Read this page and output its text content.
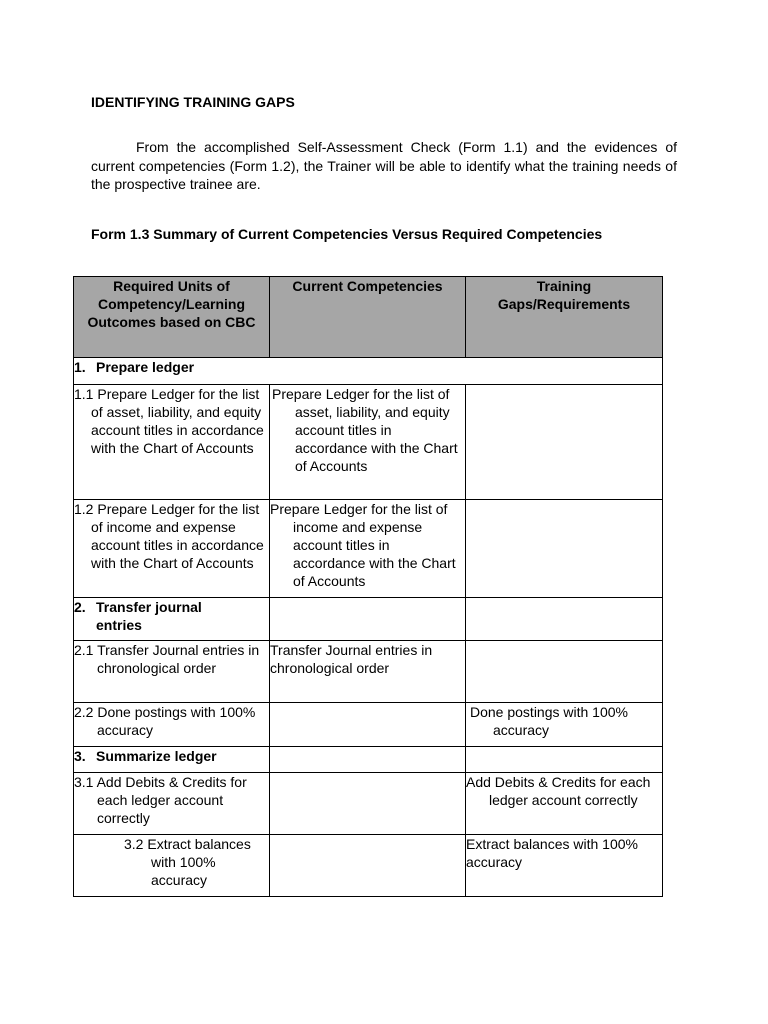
IDENTIFYING TRAINING GAPS

From the accomplished Self-Assessment Check (Form 1.1) and the evidences of current competencies (Form 1.2), the Trainer will be able to identify what the training needs of the prospective trainee are.

Form 1.3 Summary of Current Competencies Versus Required Competencies
Required Units of Competency/Learning Outcomes based on CBC	Current Competencies	Training Gaps/Requirements

1. Prepare ledger		

1.1 Prepare Ledger for the list of asset, liability, and equity account titles in accordance with the Chart of Accounts	Prepare Ledger for the list of asset, liability, and equity account titles in accordance with the Chart of Accounts	

1.2 Prepare Ledger for the list of income and expense account titles in accordance with the Chart of Accounts	Prepare Ledger for the list of income and expense account titles in accordance with the Chart of Accounts	

2. Transfer journal entries		

2.1 Transfer Journal entries in chronological order	Transfer Journal entries in chronological order	

2.2 Done postings with 100% accuracy		Done postings with 100% accuracy

3. Summarize ledger		

3.1 Add Debits & Credits for each ledger account correctly		Add Debits & Credits for each ledger account correctly

3.2 Extract balances with 100% accuracy		Extract balances with 100% accuracy
